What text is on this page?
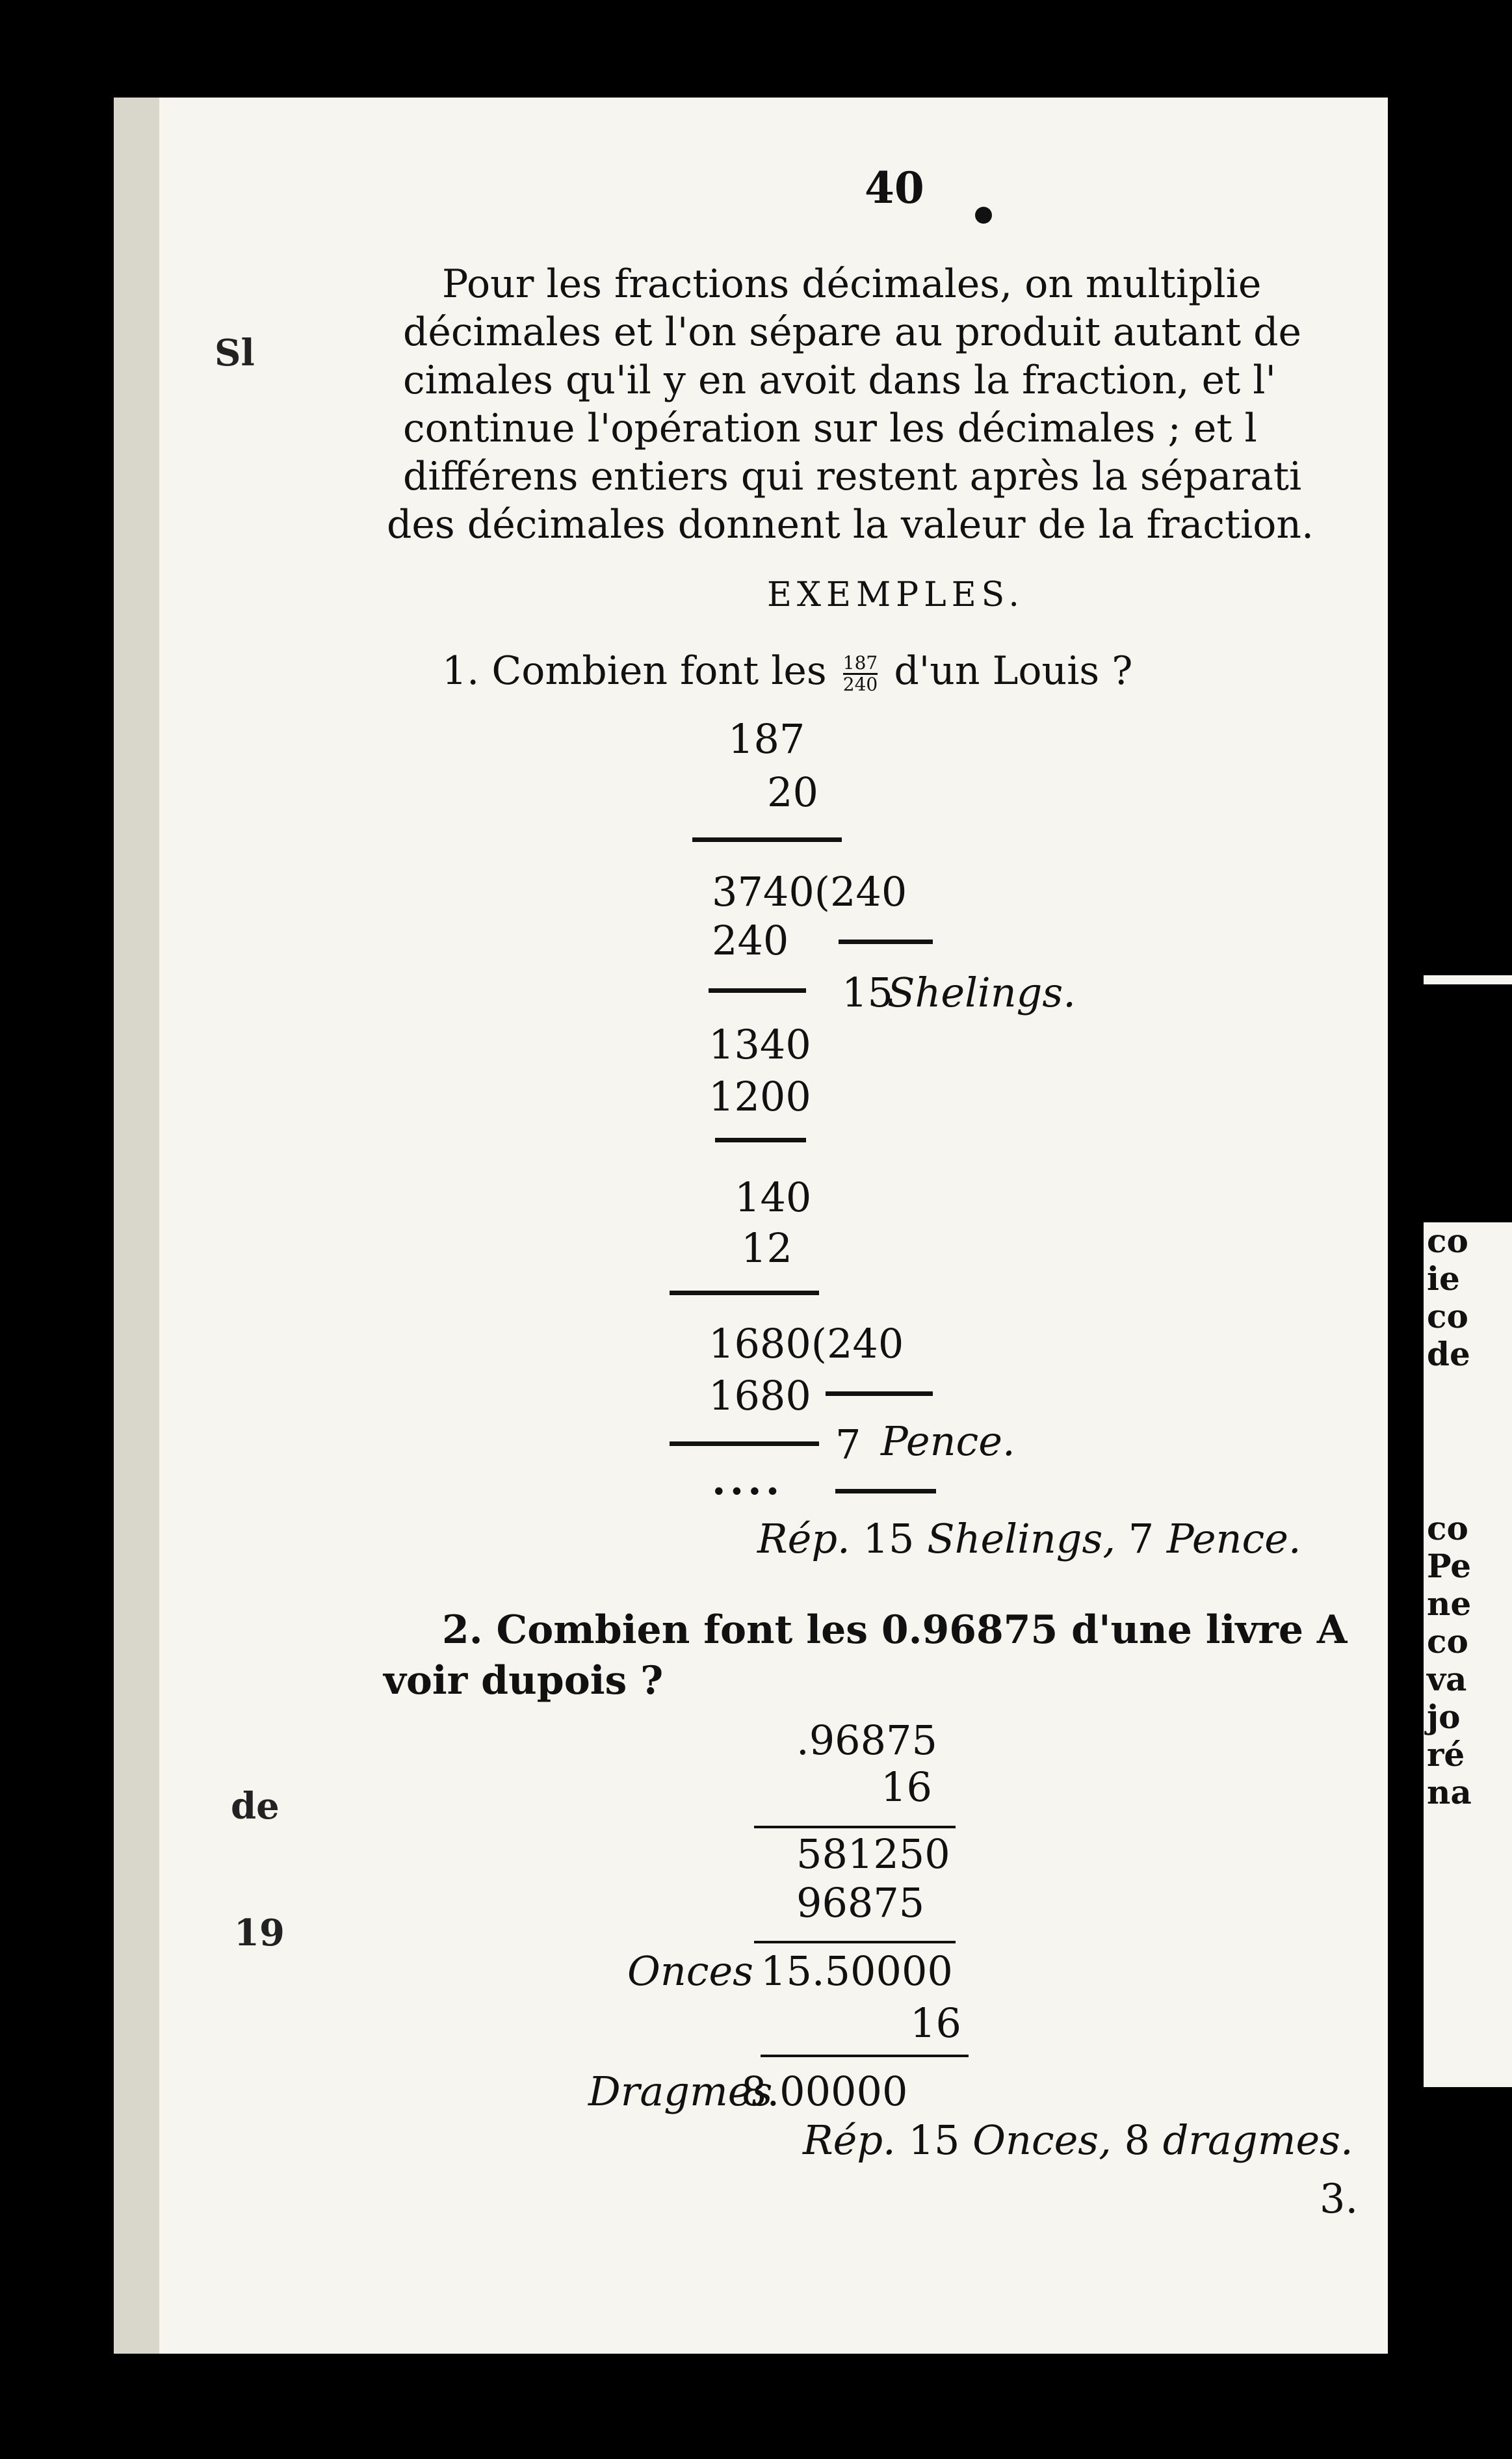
Sl
de
19
40
Pour les fractions décimales, on multiplie
décimales et l'on sépare au produit autant de
cimales qu'il y en avoit dans la fraction, et l'
continue l'opération sur les décimales ; et l
différens entiers qui restent après la séparati
des décimales donnent la valeur de la fraction.
EXEMPLES.
1. Combien font les $\frac{187}{240} d'un$ Louis ?
187
20
3740(240
240
15
Shelings.
1340
1200
140
12
1680(240
1680
7 Pence.
....
Rép. 15 Shelings, 7 Pence.
2. Combien font les 0.96875 d'une livre A
voir dupois ?
.96875
16
581250
96875
Onces 15.50000
16
Dragmes
8.00000
Rép. 15 Onces, 8 dragmes.
3.
co
ie
co
de
co
Pe
ne
co
va
jo
ré
na
